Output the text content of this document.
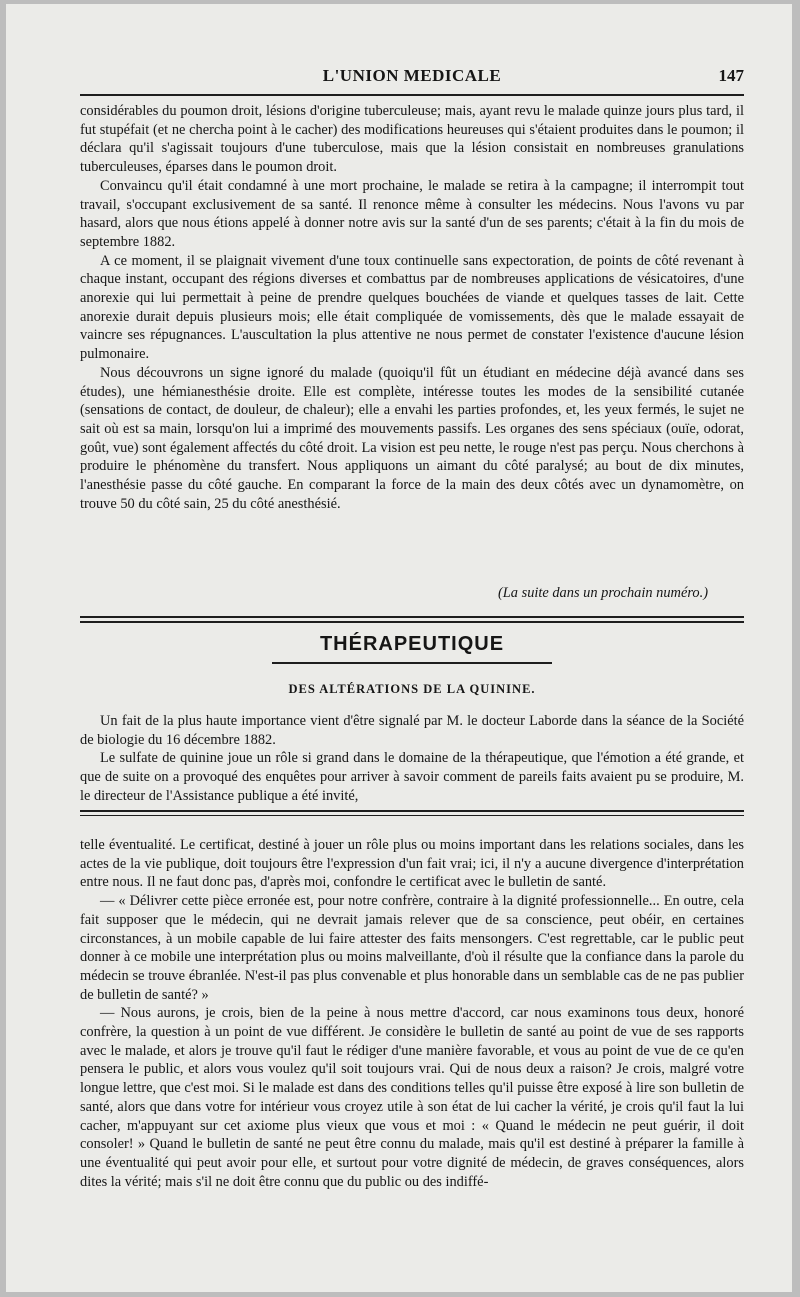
L'UNION MEDICALE	147

considérables du poumon droit, lésions d'origine tuberculeuse; mais, ayant revu le malade quinze jours plus tard, il fut stupéfait (et ne chercha point à le cacher) des modifications heureuses qui s'étaient produites dans le poumon; il déclara qu'il s'agissait toujours d'une tuberculose, mais que la lésion consistait en nombreuses granulations tuberculeuses, éparses dans le poumon droit.

Convaincu qu'il était condamné à une mort prochaine, le malade se retira à la campagne; il interrompit tout travail, s'occupant exclusivement de sa santé. Il renonce même à consulter les médecins. Nous l'avons vu par hasard, alors que nous étions appelé à donner notre avis sur la santé d'un de ses parents; c'était à la fin du mois de septembre 1882.

A ce moment, il se plaignait vivement d'une toux continuelle sans expectoration, de points de côté revenant à chaque instant, occupant des régions diverses et combattus par de nombreuses applications de vésicatoires, d'une anorexie qui lui permettait à peine de prendre quelques bouchées de viande et quelques tasses de lait. Cette anorexie durait depuis plusieurs mois; elle était compliquée de vomissements, dès que le malade essayait de vaincre ses répugnances. L'auscultation la plus attentive ne nous permet de constater l'existence d'aucune lésion pulmonaire.

Nous découvrons un signe ignoré du malade (quoiqu'il fût un étudiant en médecine déjà avancé dans ses études), une hémianesthésie droite. Elle est complète, intéresse toutes les modes de la sensibilité cutanée (sensations de contact, de douleur, de chaleur); elle a envahi les parties profondes, et, les yeux fermés, le sujet ne sait où est sa main, lorsqu'on lui a imprimé des mouvements passifs. Les organes des sens spéciaux (ouïe, odorat, goût, vue) sont également affectés du côté droit. La vision est peu nette, le rouge n'est pas perçu. Nous cherchons à produire le phénomène du transfert. Nous appliquons un aimant du côté paralysé; au bout de dix minutes, l'anesthésie passe du côté gauche. En comparant la force de la main des deux côtés avec un dynamomètre, on trouve 50 du côté sain, 25 du côté anesthésié.

(La suite dans un prochain numéro.)
THÉRAPEUTIQUE
DES ALTÉRATIONS DE LA QUININE.

Un fait de la plus haute importance vient d'être signalé par M. le docteur Laborde dans la séance de la Société de biologie du 16 décembre 1882.

Le sulfate de quinine joue un rôle si grand dans le domaine de la thérapeutique, que l'émotion a été grande, et que de suite on a provoqué des enquêtes pour arriver à savoir comment de pareils faits avaient pu se produire, M. le directeur de l'Assistance publique a été invité,

telle éventualité. Le certificat, destiné à jouer un rôle plus ou moins important dans les relations sociales, dans les actes de la vie publique, doit toujours être l'expression d'un fait vrai; ici, il n'y a aucune divergence d'interprétation entre nous. Il ne faut donc pas, d'après moi, confondre le certificat avec le bulletin de santé.

— « Délivrer cette pièce erronée est, pour notre confrère, contraire à la dignité professionnelle... En outre, cela fait supposer que le médecin, qui ne devrait jamais relever que de sa conscience, peut obéir, en certaines circonstances, à un mobile capable de lui faire attester des faits mensongers. C'est regrettable, car le public peut donner à ce mobile une interprétation plus ou moins malveillante, d'où il résulte que la confiance dans la parole du médecin se trouve ébranlée. N'est-il pas plus convenable et plus honorable dans un semblable cas de ne pas publier de bulletin de santé? »

— Nous aurons, je crois, bien de la peine à nous mettre d'accord, car nous examinons tous deux, honoré confrère, la question à un point de vue différent. Je considère le bulletin de santé au point de vue de ses rapports avec le malade, et alors je trouve qu'il faut le rédiger d'une manière favorable, et vous au point de vue de ce qu'en pensera le public, et alors vous voulez qu'il soit toujours vrai. Qui de nous deux a raison? Je crois, malgré votre longue lettre, que c'est moi. Si le malade est dans des conditions telles qu'il puisse être exposé à lire son bulletin de santé, alors que dans votre for intérieur vous croyez utile à son état de lui cacher la vérité, je crois qu'il faut la lui cacher, m'appuyant sur cet axiome plus vieux que vous et moi : « Quand le médecin ne peut guérir, il doit consoler! » Quand le bulletin de santé ne peut être connu du malade, mais qu'il est destiné à préparer la famille à une éventualité qui peut avoir pour elle, et surtout pour votre dignité de médecin, de graves conséquences, alors dites la vérité; mais s'il ne doit être connu que du public ou des indiffé-
